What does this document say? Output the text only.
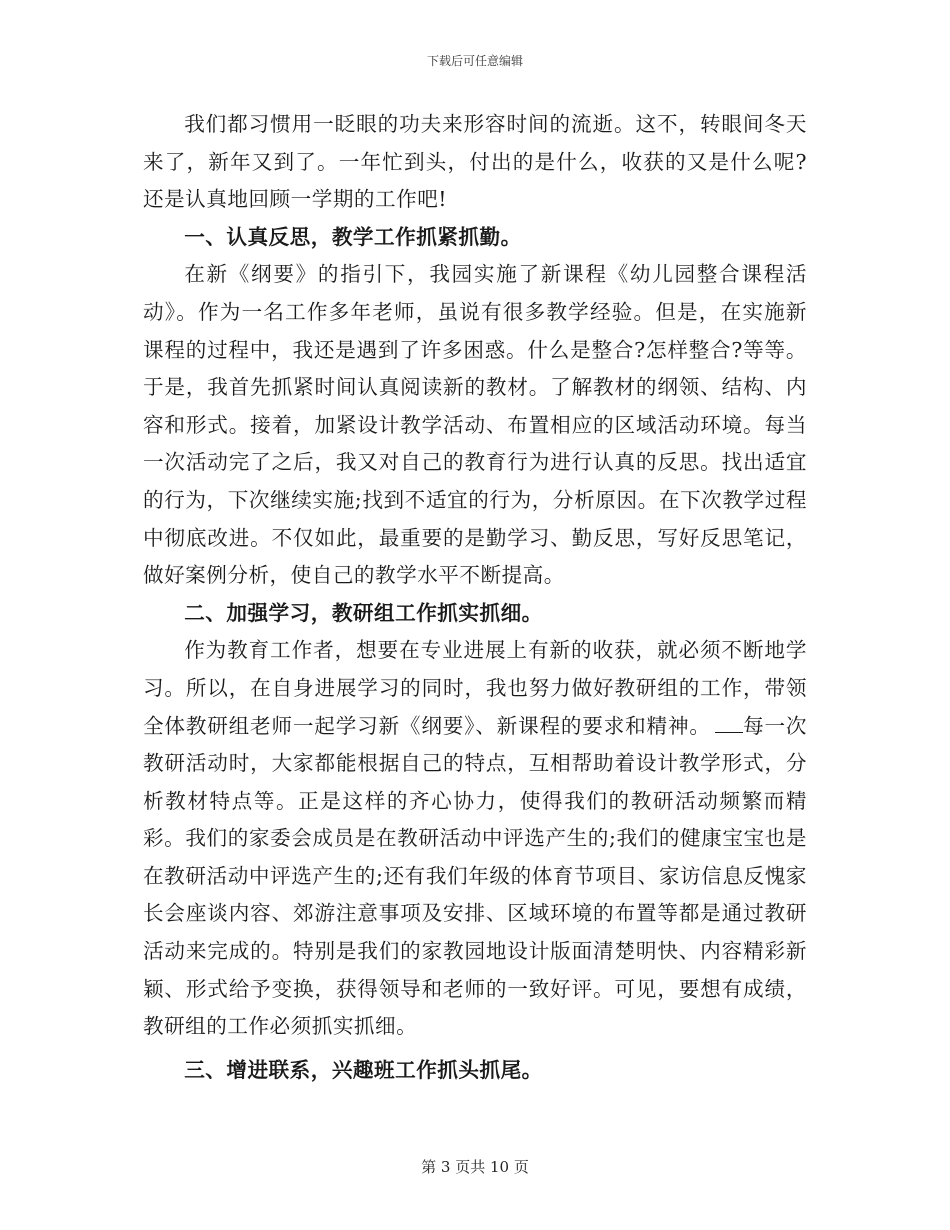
下载后可任意编辑

我们都习惯用一眨眼的功夫来形容时间的流逝。这不，转眼间冬天来了，新年又到了。一年忙到头，付出的是什么，收获的又是什么呢?还是认真地回顾一学期的工作吧!

一、认真反思，教学工作抓紧抓勤。

在新《纲要》的指引下，我园实施了新课程《幼儿园整合课程活动》。作为一名工作多年老师，虽说有很多教学经验。但是，在实施新课程的过程中，我还是遇到了许多困惑。什么是整合?怎样整合?等等。于是，我首先抓紧时间认真阅读新的教材。了解教材的纲领、结构、内容和形式。接着，加紧设计教学活动、布置相应的区域活动环境。每当一次活动完了之后，我又对自己的教育行为进行认真的反思。找出适宜的行为，下次继续实施;找到不适宜的行为，分析原因。在下次教学过程中彻底改进。不仅如此，最重要的是勤学习、勤反思，写好反思笔记，做好案例分析，使自己的教学水平不断提高。

二、加强学习，教研组工作抓实抓细。

作为教育工作者，想要在专业进展上有新的收获，就必须不断地学习。所以，在自身进展学习的同时，我也努力做好教研组的工作，带领全体教研组老师一起学习新《纲要》、新课程的要求和精神。 每一次教研活动时，大家都能根据自己的特点，互相帮助着设计教学形式，分析教材特点等。正是这样的齐心协力，使得我们的教研活动频繁而精彩。我们的家委会成员是在教研活动中评选产生的;我们的健康宝宝也是在教研活动中评选产生的;还有我们年级的体育节项目、家访信息反愧家长会座谈内容、郊游注意事项及安排、区域环境的布置等都是通过教研活动来完成的。特别是我们的家教园地设计版面清楚明快、内容精彩新颖、形式给予变换，获得领导和老师的一致好评。可见，要想有成绩，教研组的工作必须抓实抓细。

三、增进联系，兴趣班工作抓头抓尾。

第 3 页共 10 页
